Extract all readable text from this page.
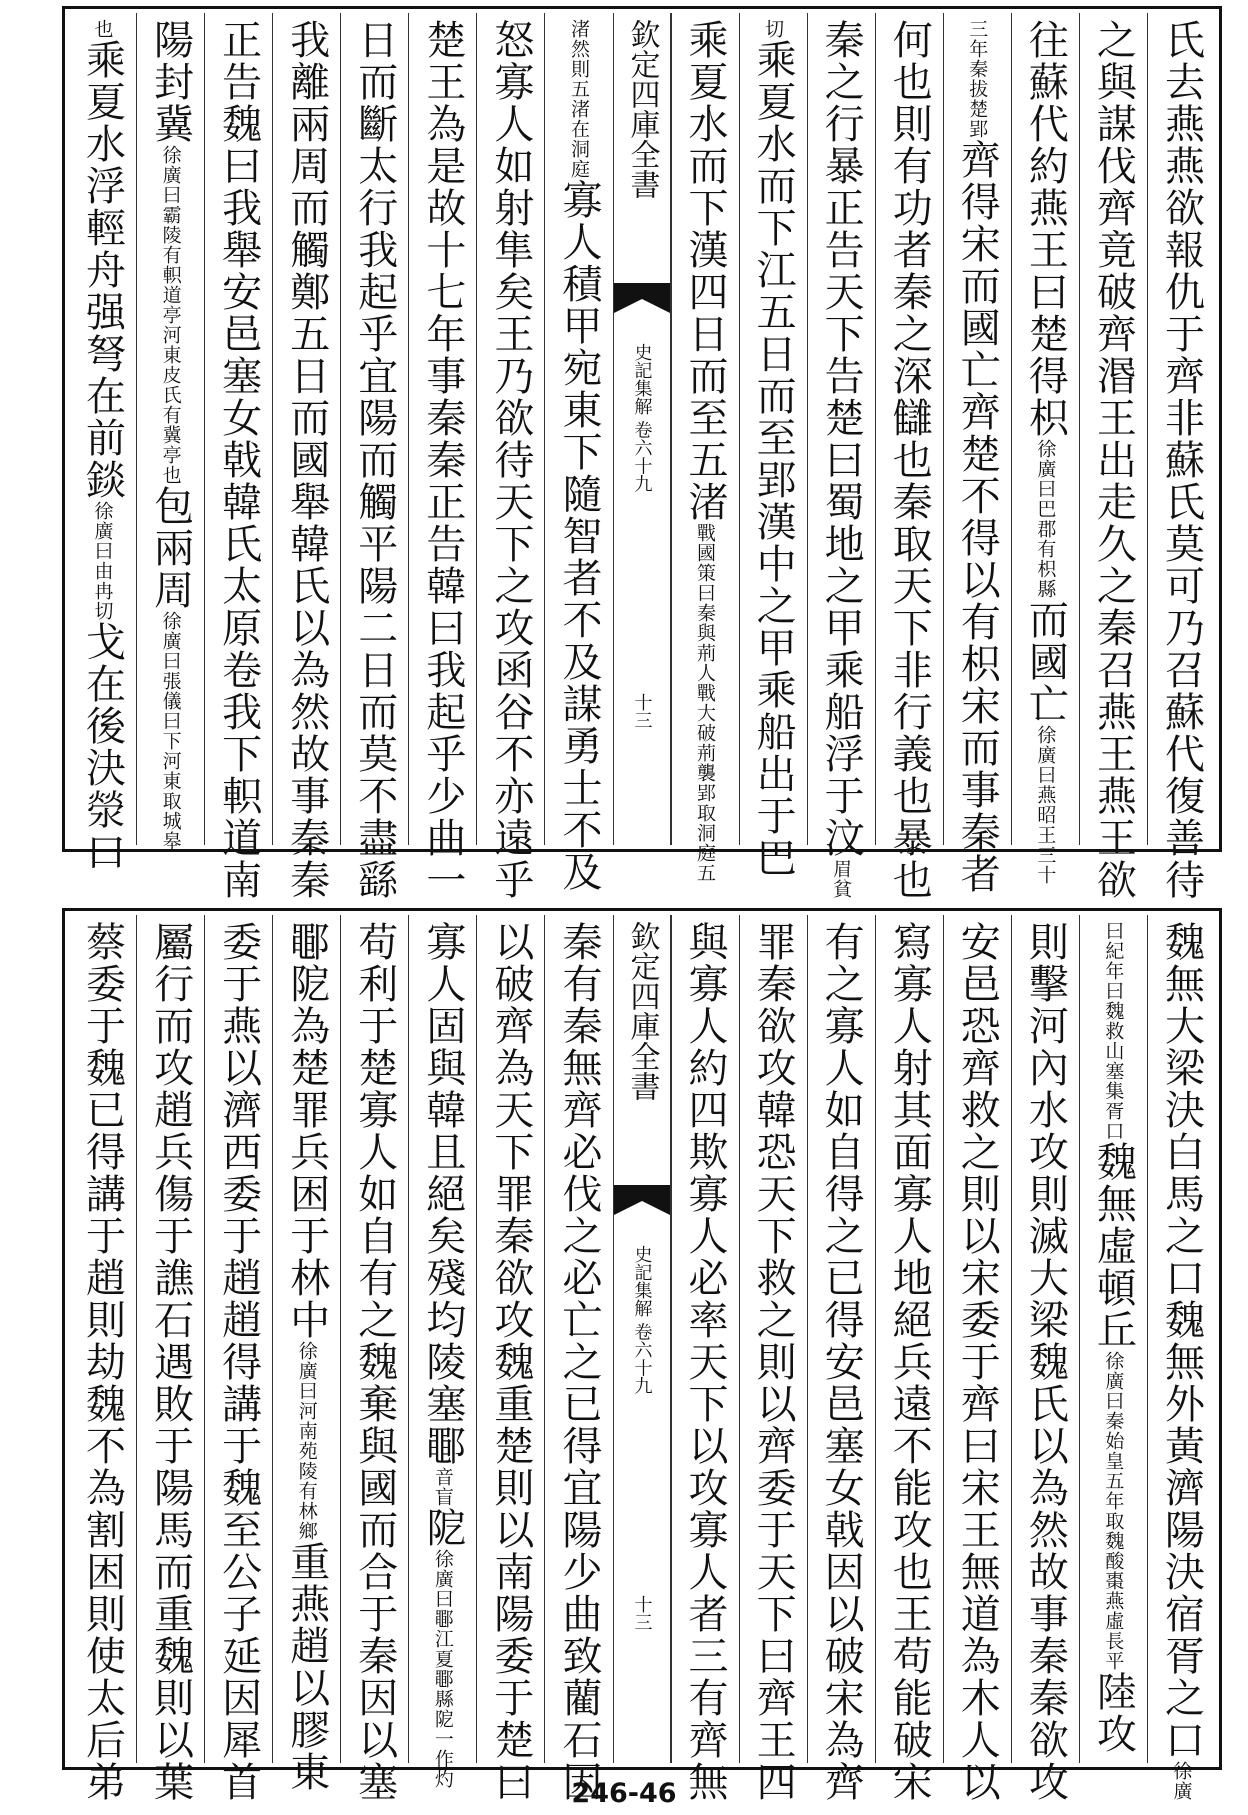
氏去燕燕欲報仇于齊非蘇氏莫可乃召蘇代復善待
之與謀伐齊竟破齊湣王出走久之秦召燕王燕王欲
往蘇代約燕王曰楚得枳徐廣曰巴郡有枳縣而國亡徐廣曰燕昭王三十
三年秦拔楚郢齊得宋而國亡齊楚不得以有枳宋而事秦者
何也則有功者秦之深讎也秦取天下非行義也暴也
秦之行暴正告天下告楚曰蜀地之甲乘船浮于汶眉貧
切乘夏水而下江五日而至郢漢中之甲乘船出于巴
乘夏水而下漢四日而至五渚戰國策曰秦與荊人戰大破荊襲郢取洞庭五
欽定四庫全書
史記集解 卷六十九
十三
渚然則五渚在洞庭寡人積甲宛東下隨智者不及謀勇士不及
怒寡人如射隼矣王乃欲待天下之攻函谷不亦遠乎
楚王為是故十七年事秦秦正告韓曰我起乎少曲一
日而斷太行我起乎宜陽而觸平陽二日而莫不盡繇
我離兩周而觸鄭五日而國舉韓氏以為然故事秦秦
正告魏曰我舉安邑塞女戟韓氏太原卷我下軹道南
陽封冀徐廣曰霸陵有軹道亭河東皮氏有冀亭也包兩周徐廣曰張儀曰下河東取城皋
也乘夏水浮輕舟强弩在前錟徐廣曰由冉切戈在後決滎口
魏無大梁決白馬之口魏無外黃濟陽決宿胥之口徐廣
曰紀年曰魏救山塞集胥口魏無虛頓丘徐廣曰秦始皇五年取魏酸棗燕虛長平陸攻
則擊河內水攻則滅大梁魏氏以為然故事秦秦欲攻
安邑恐齊救之則以宋委于齊曰宋王無道為木人以
寫寡人射其面寡人地絕兵遠不能攻也王苟能破宋
有之寡人如自得之已得安邑塞女戟因以破宋為齊
罪秦欲攻韓恐天下救之則以齊委于天下曰齊王四
與寡人約四欺寡人必率天下以攻寡人者三有齊無
欽定四庫全書
史記集解 卷六十九
十三
秦有秦無齊必伐之必亡之已得宜陽少曲致藺石因
以破齊為天下罪秦欲攻魏重楚則以南陽委于楚曰
寡人固與韓且絕矣殘均陵塞鄳音盲阸徐廣曰鄳江夏鄳縣阸一作灼
苟利于楚寡人如自有之魏棄與國而合于秦因以塞
鄳阸為楚罪兵困于林中徐廣曰河南苑陵有林鄉重燕趙以膠東
委于燕以濟西委于趙趙得講于魏至公子延因犀首
屬行而攻趙兵傷于譙石遇敗于陽馬而重魏則以葉
蔡委于魏已得講于趙則劫魏不為割困則使太后弟	246-46
